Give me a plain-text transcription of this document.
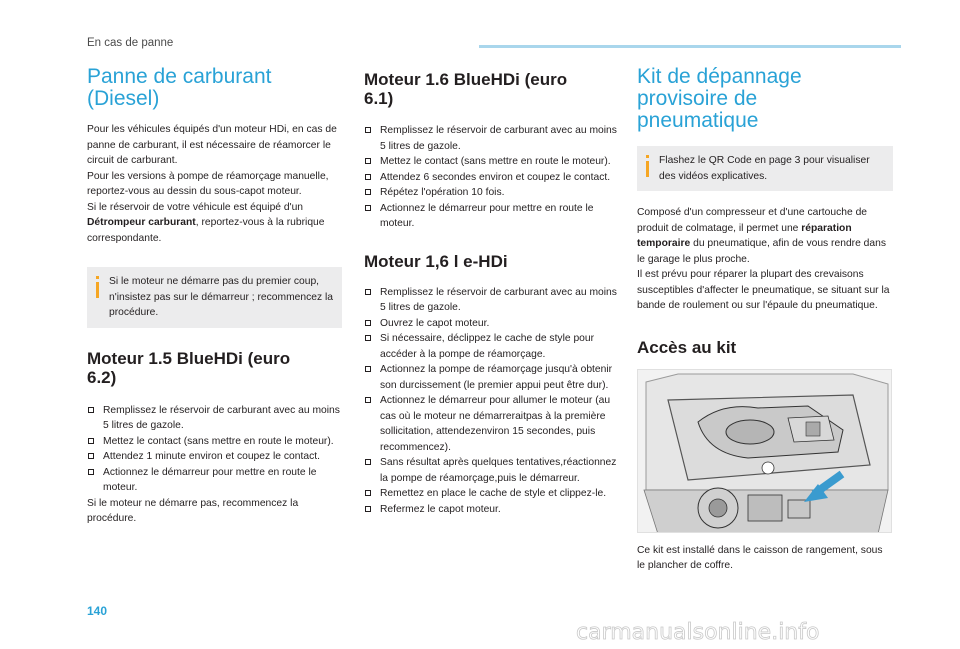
En cas de panne

Panne de carburant
(Diesel)

Pour les véhicules équipés d'un moteur HDi, en cas de panne de carburant, il est nécessaire de réamorcer le circuit de carburant.
Pour les versions à pompe de réamorçage manuelle, reportez-vous au dessin du sous-capot moteur.
Si le réservoir de votre véhicule est équipé d'un Détrompeur carburant, reportez-vous à la rubrique correspondante.

Si le moteur ne démarre pas du premier coup, n'insistez pas sur le démarreur ; recommencez la procédure.
Moteur 1.5 BlueHDi (euro
6.2)
Remplissez le réservoir de carburant avec au moins 5 litres de gazole.
Mettez le contact (sans mettre en route le moteur).
Attendez 1 minute environ et coupez le contact.
Actionnez le démarreur pour mettre en route le moteur.

Si le moteur ne démarre pas, recommencez la procédure.

Moteur 1.6 BlueHDi (euro
6.1)
Remplissez le réservoir de carburant avec au moins 5 litres de gazole.
Mettez le contact (sans mettre en route le moteur).
Attendez 6 secondes environ et coupez le contact.
Répétez l'opération 10 fois.
Actionnez le démarreur pour mettre en route le moteur.
Moteur 1,6 l e-HDi
Remplissez le réservoir de carburant avec au moins 5 litres de gazole.
Ouvrez le capot moteur.
Si nécessaire, déclippez le cache de style pour accéder à la pompe de réamorçage.
Actionnez la pompe de réamorçage jusqu'à obtenir son durcissement (le premier appui peut être dur).
Actionnez le démarreur pour allumer le moteur (au cas où le moteur ne démarreraitpas à la première sollicitation, attendezenviron 15 secondes, puis recommencez).
Sans résultat après quelques tentatives,réactionnez la pompe de réamorçage,puis le démarreur.
Remettez en place le cache de style et clippez-le.
Refermez le capot moteur.
Kit de dépannage
provisoire de
pneumatique
Flashez le QR Code en page 3 pour visualiser des vidéos explicatives.

Composé d'un compresseur et d'une cartouche de produit de colmatage, il permet une réparation temporaire du pneumatique, afin de vous rendre dans le garage le plus proche.
Il est prévu pour réparer la plupart des crevaisons susceptibles d'affecter le pneumatique, se situant sur la bande de roulement ou sur l'épaule du pneumatique.

Accès au kit

Ce kit est installé dans le caisson de rangement, sous le plancher de coffre.

140

carmanualsonline.info
